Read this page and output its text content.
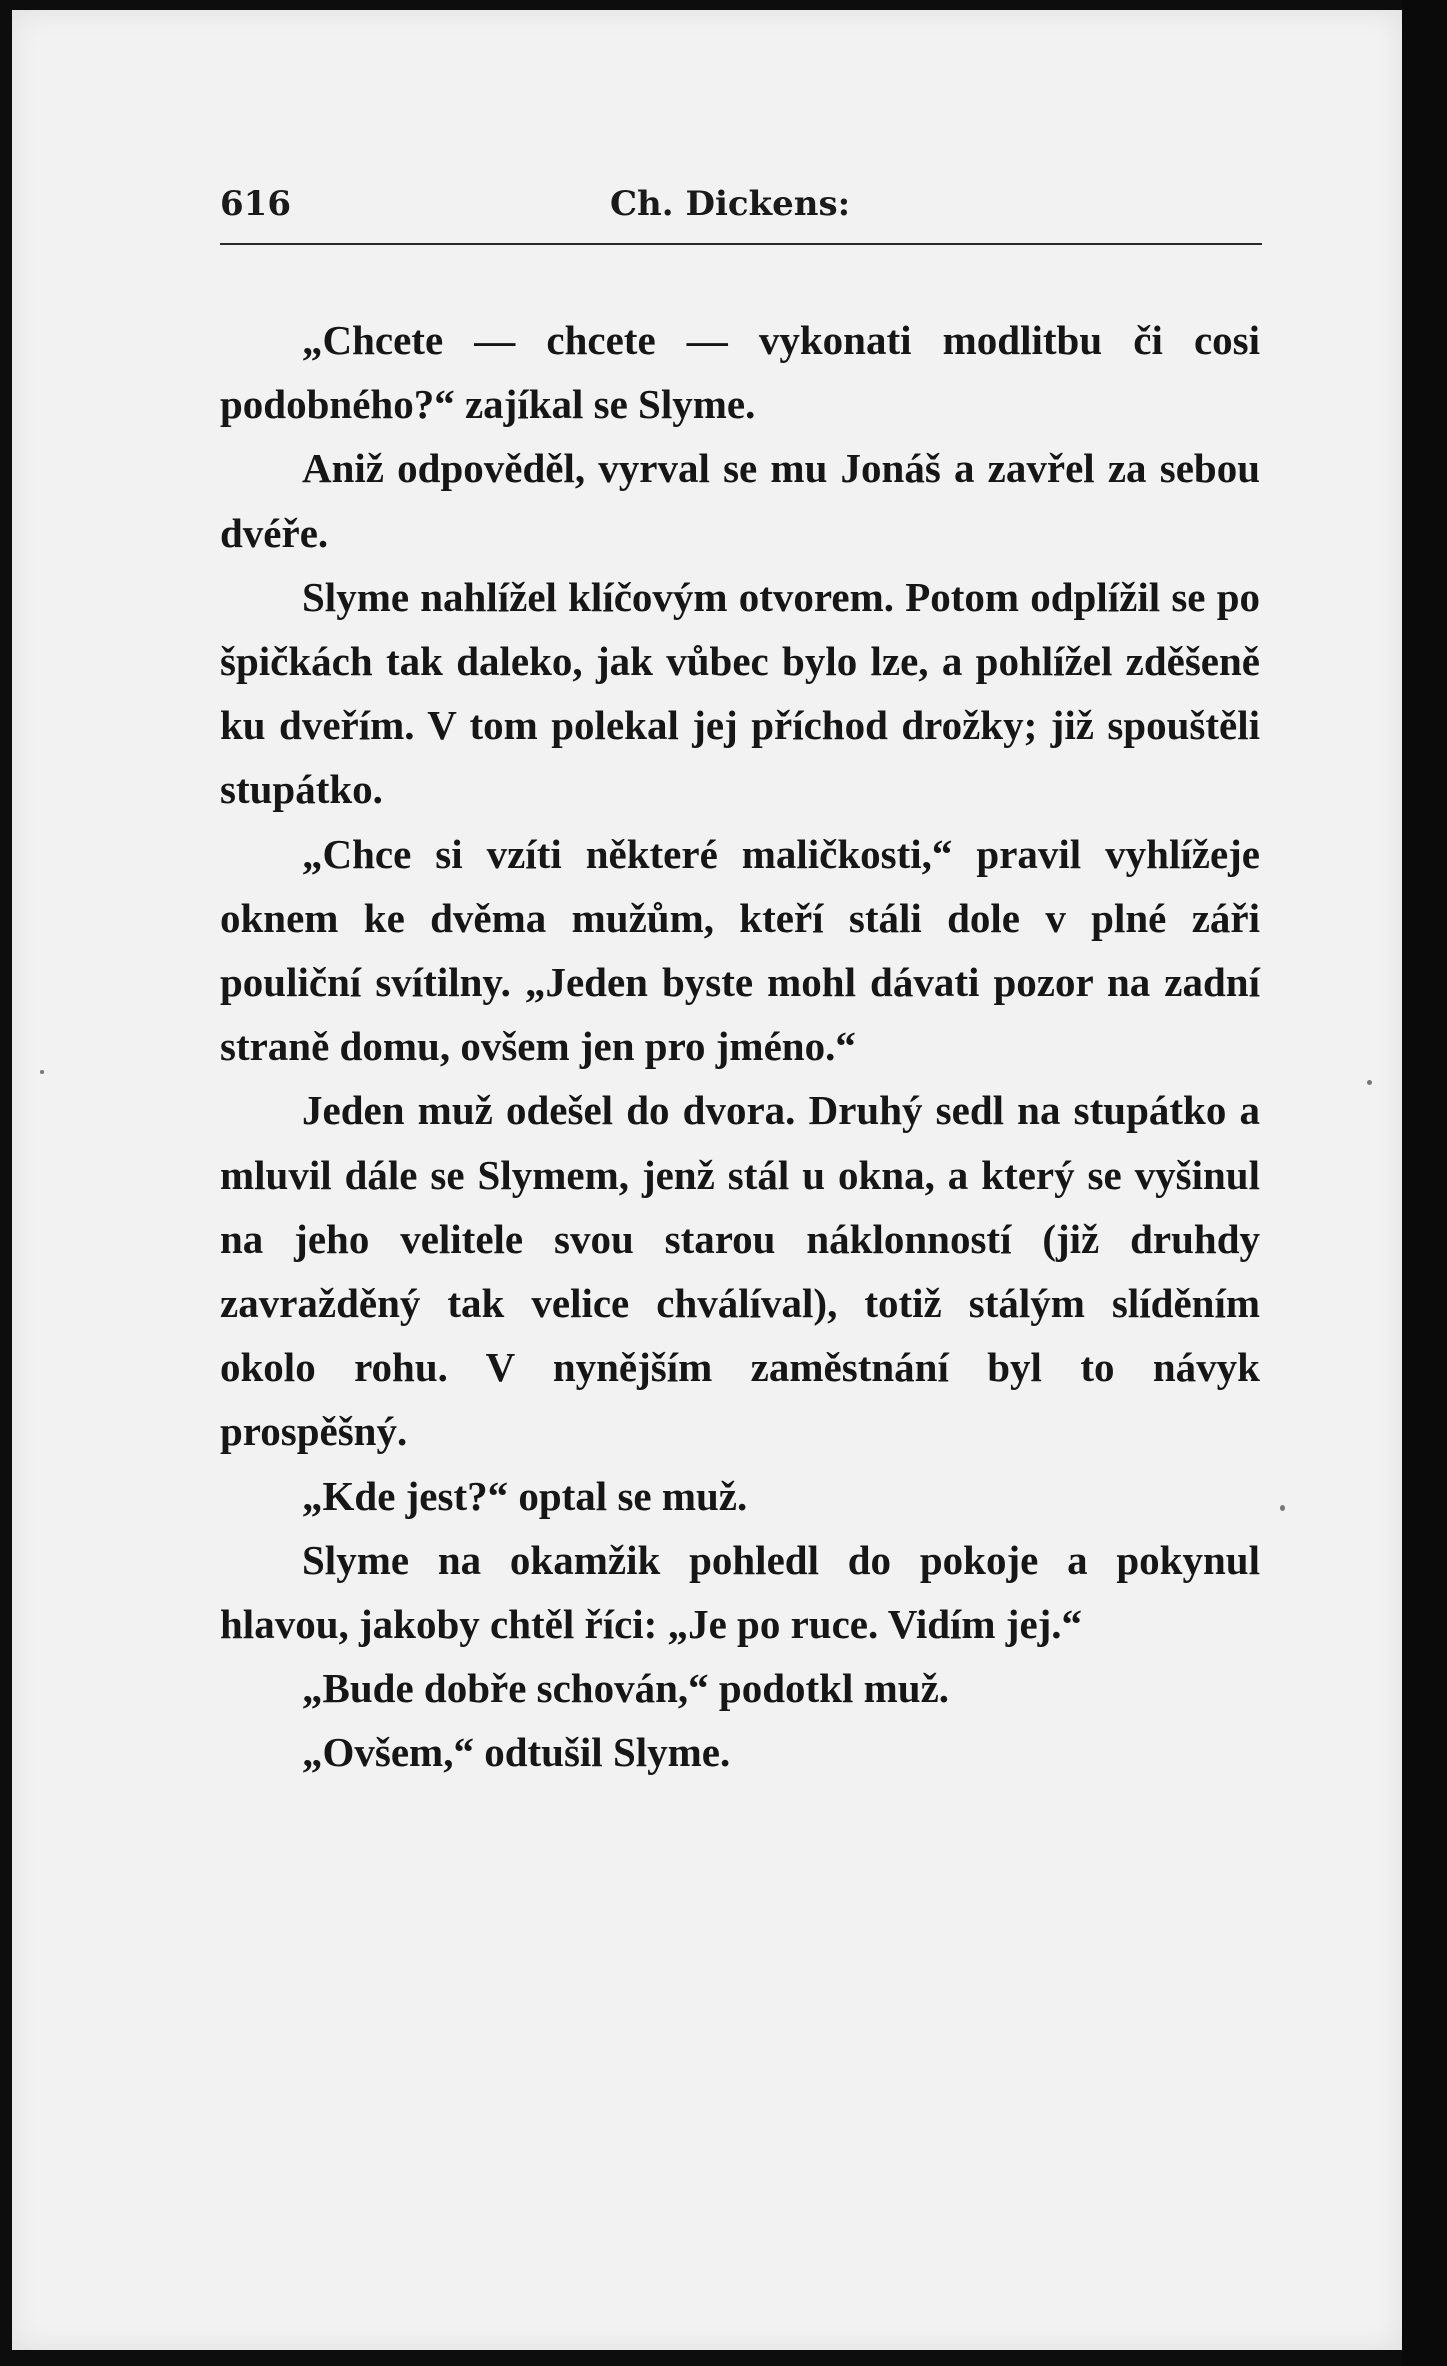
616	Ch. Dickens:

„Chcete — chcete — vykonati modlitbu či cosi podobného?“ zajíkal se Slyme.

Aniž odpověděl, vyrval se mu Jonáš a zavřel za sebou dvéře.

Slyme nahlížel klíčovým otvorem. Potom odplížil se po špičkách tak daleko, jak vůbec bylo lze, a pohlížel zděšeně ku dveřím. V tom polekal jej příchod drožky; již spouštěli stupátko.

„Chce si vzíti některé maličkosti,“ pravil vyhlížeje oknem ke dvěma mužům, kteří stáli dole v plné záři pouliční svítilny. „Jeden byste mohl dávati pozor na zadní straně domu, ovšem jen pro jméno.“

Jeden muž odešel do dvora. Druhý sedl na stupátko a mluvil dále se Slymem, jenž stál u okna, a který se vyšinul na jeho velitele svou starou náklonností (již druhdy zavražděný tak velice chválíval), totiž stálým slíděním okolo rohu. V nynějším zaměstnání byl to návyk prospěšný.

„Kde jest?“ optal se muž.

Slyme na okamžik pohledl do pokoje a pokynul hlavou, jakoby chtěl říci: „Je po ruce. Vidím jej.“

„Bude dobře schován,“ podotkl muž.

„Ovšem,“ odtušil Slyme.
